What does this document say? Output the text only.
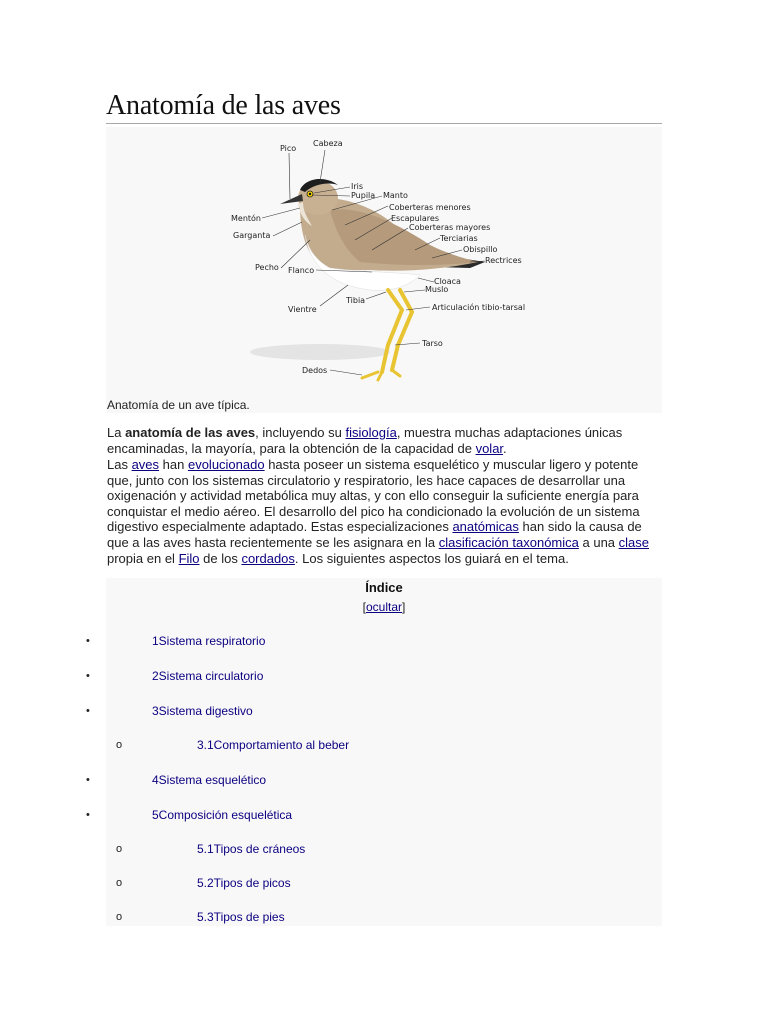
Anatomía de las aves
Pico
Cabeza
Iris
Pupila Manto
Coberteras menores
Escapulares
Coberteras mayores
Terciarias
Obispillo
Rectrices
Mentón
Garganta
Pecho Flanco
Cloaca
Muslo
Tibia
Articulación tibio-tarsal
Vientre
Tarso
Dedos
Anatomía de un ave típica.
La anatomía de las aves, incluyendo su fisiología, muestra muchas adaptaciones únicas encaminadas, la mayoría, para la obtención de la capacidad de volar.
Las aves han evolucionado hasta poseer un sistema esquelético y muscular ligero y potente que, junto con los sistemas circulatorio y respiratorio, les hace capaces de desarrollar una oxigenación y actividad metabólica muy altas, y con ello conseguir la suficiente energía para conquistar el medio aéreo. El desarrollo del pico ha condicionado la evolución de un sistema digestivo especialmente adaptado. Estas especializaciones anatómicas han sido la causa de que a las aves hasta recientemente se les asignara en la clasificación taxonómica a una clase propia en el Filo de los cordados. Los siguientes aspectos los guiará en el tema.
Índice
[ocultar]
•	1Sistema respiratorio
•	2Sistema circulatorio
•	3Sistema digestivo
o	3.1Comportamiento al beber
•	4Sistema esquelético
•	5Composición esquelética
o	5.1Tipos de cráneos
o	5.2Tipos de picos
o	5.3Tipos de pies
